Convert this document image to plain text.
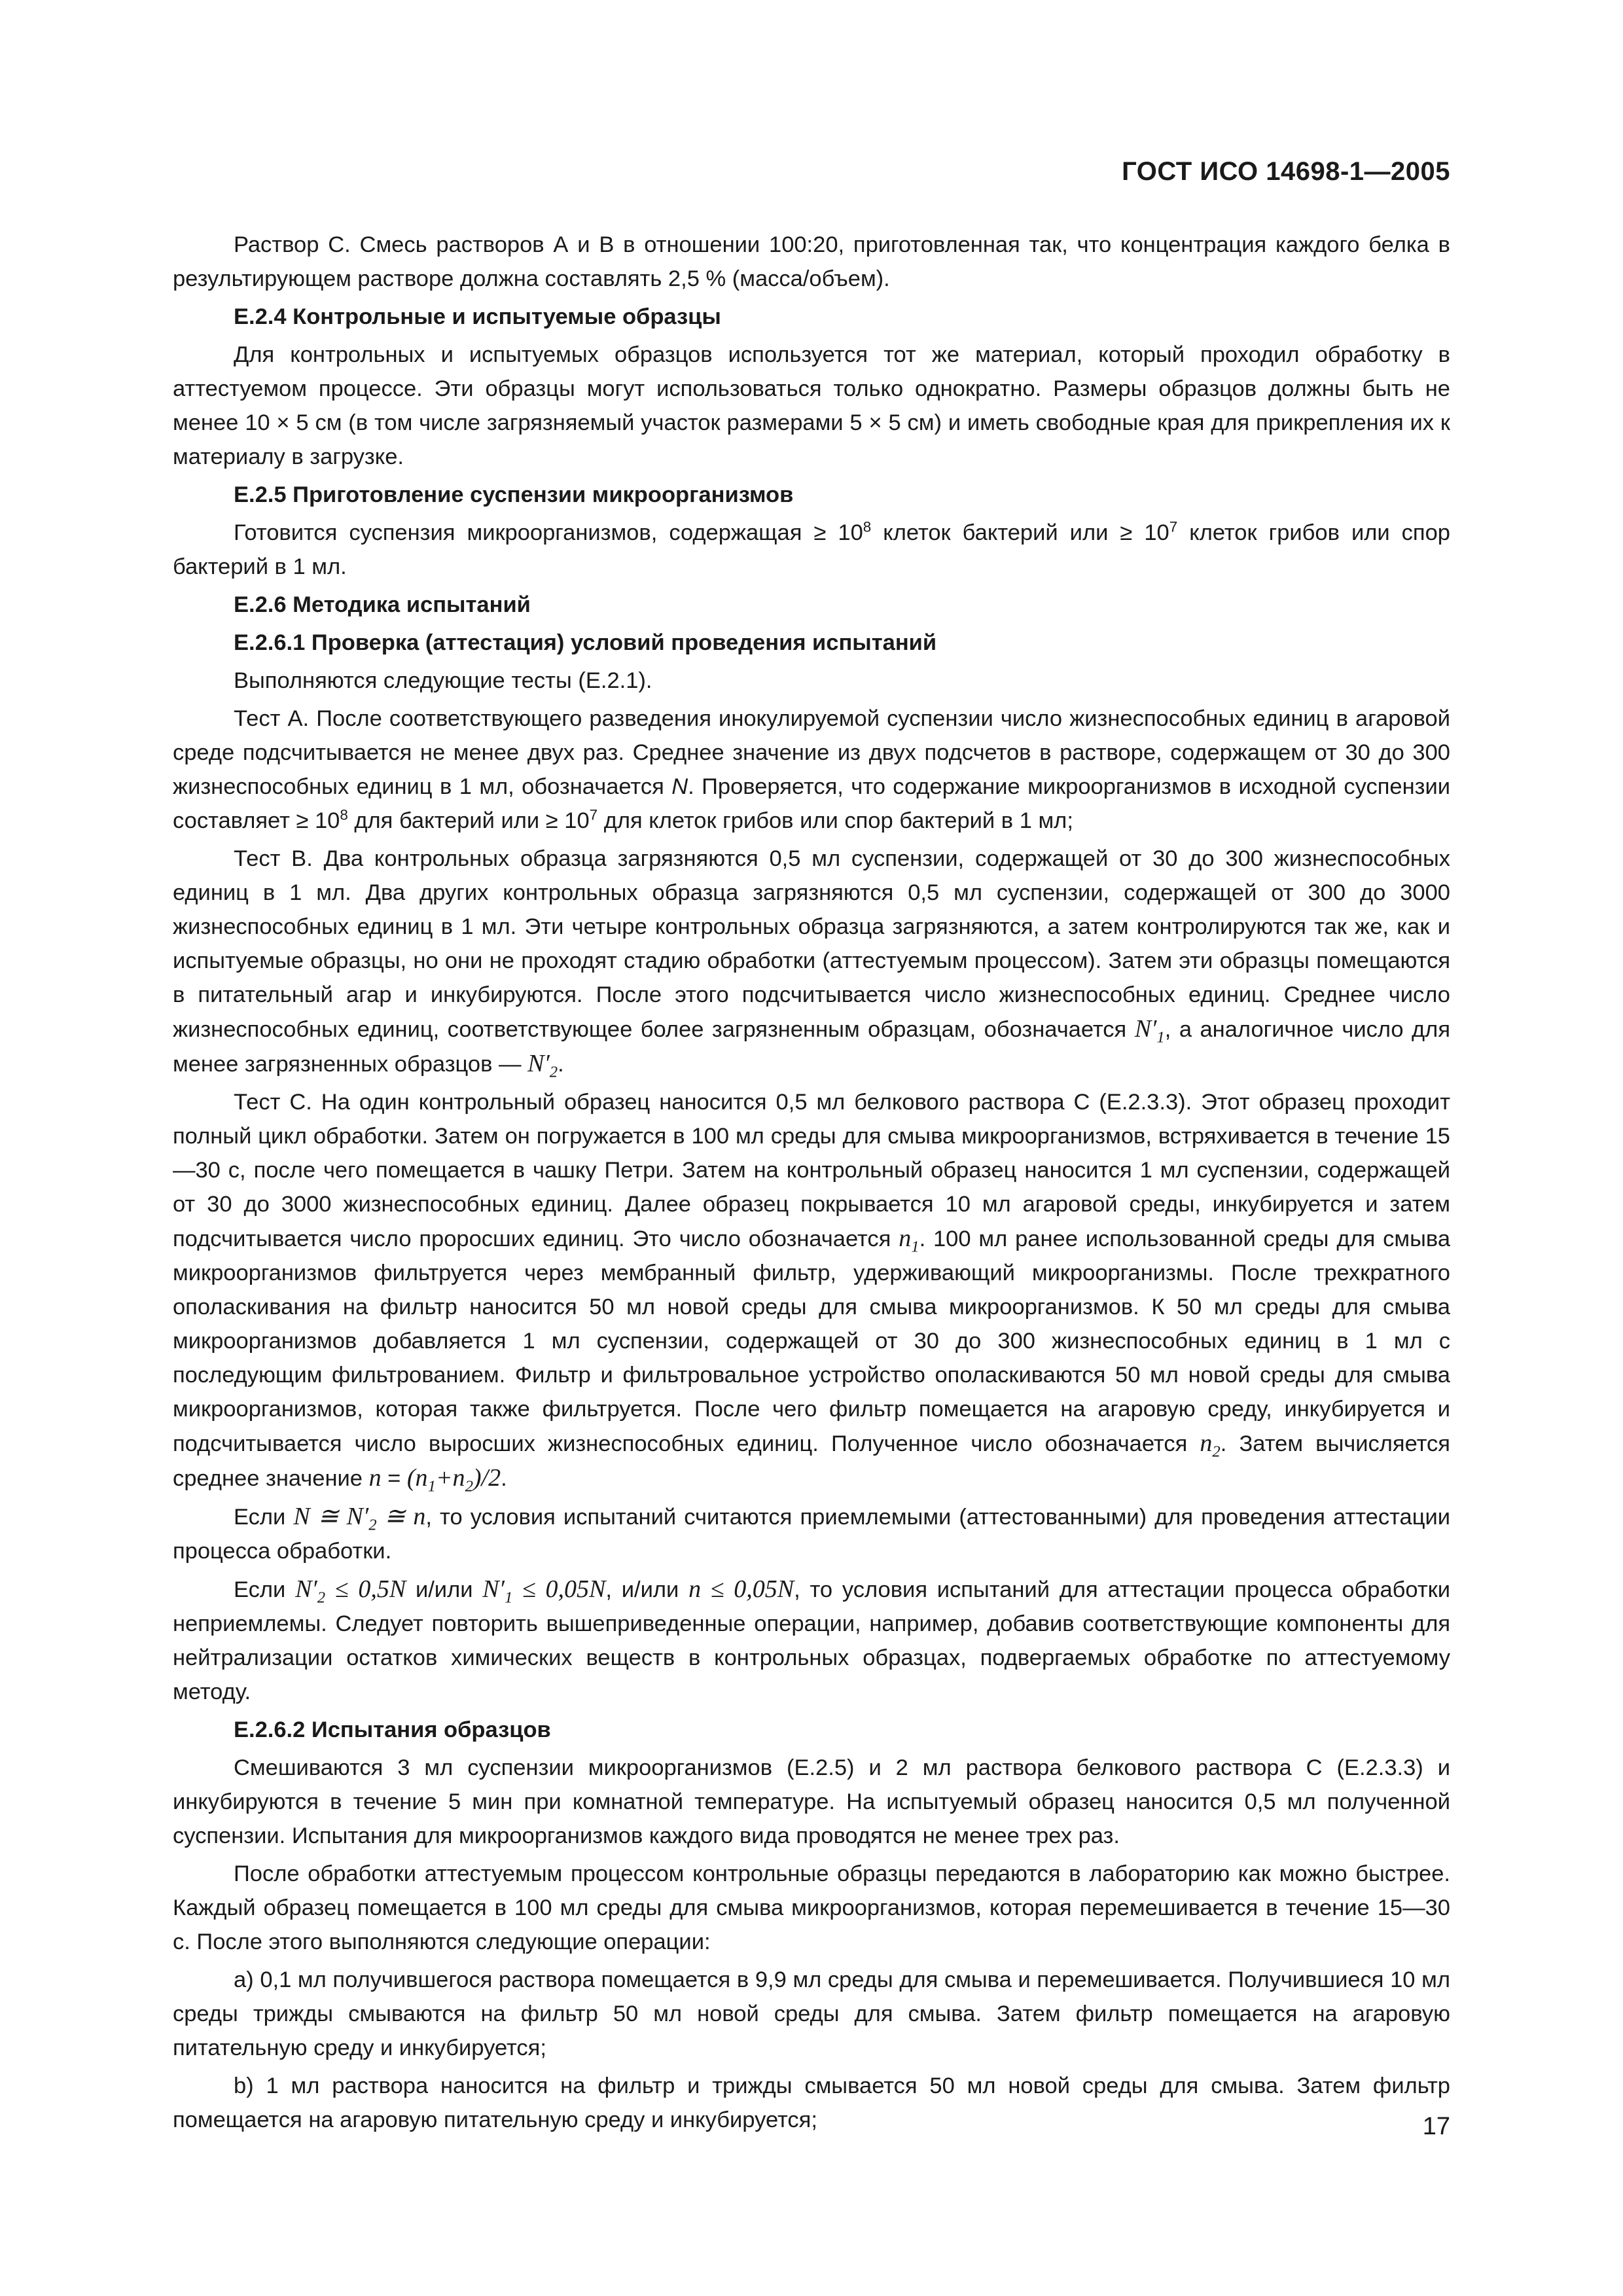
ГОСТ ИСО 14698-1—2005

Раствор С. Смесь растворов А и В в отношении 100:20, приготовленная так, что концентрация каждого белка в результирующем растворе должна составлять 2,5 % (масса/объем).

Е.2.4 Контрольные и испытуемые образцы

Для контрольных и испытуемых образцов используется тот же материал, который проходил обработку в аттестуемом процессе. Эти образцы могут использоваться только однократно. Размеры образцов должны быть не менее 10 × 5 см (в том числе загрязняемый участок размерами 5 × 5 см) и иметь свободные края для прикрепления их к материалу в загрузке.

Е.2.5 Приготовление суспензии микроорганизмов

Готовится суспензия микроорганизмов, содержащая ≥ $10^8$ клеток бактерий или ≥ $10^7$ клеток грибов или спор бактерий в 1 мл.

Е.2.6 Методика испытаний
Е.2.6.1 Проверка (аттестация) условий проведения испытаний

Выполняются следующие тесты (Е.2.1).

Тест А. После соответствующего разведения инокулируемой суспензии число жизнеспособных единиц в агаровой среде подсчитывается не менее двух раз. Среднее значение из двух подсчетов в растворе, содержащем от 30 до 300 жизнеспособных единиц в 1 мл, обозначается N. Проверяется, что содержание микроорганизмов в исходной суспензии составляет ≥ $10^8$ для бактерий или ≥ $10^7$ для клеток грибов или спор бактерий в 1 мл;

Тест В. Два контрольных образца загрязняются 0,5 мл суспензии, содержащей от 30 до 300 жизнеспособных единиц в 1 мл. Два других контрольных образца загрязняются 0,5 мл суспензии, содержащей от 300 до 3000 жизнеспособных единиц в 1 мл. Эти четыре контрольных образца загрязняются, а затем контролируются так же, как и испытуемые образцы, но они не проходят стадию обработки (аттестуемым процессом). Затем эти образцы помещаются в питательный агар и инкубируются. После этого подсчитывается число жизнеспособных единиц. Среднее число жизнеспособных единиц, соответствующее более загрязненным образцам, обозначается $N'_1$, а аналогичное число для менее загрязненных образцов — $N'_2$.

Тест С. На один контрольный образец наносится 0,5 мл белкового раствора С (Е.2.3.3). Этот образец проходит полный цикл обработки. Затем он погружается в 100 мл среды для смыва микроорганизмов, встряхивается в течение 15—30 с, после чего помещается в чашку Петри. Затем на контрольный образец наносится 1 мл суспензии, содержащей от 30 до 3000 жизнеспособных единиц. Далее образец покрывается 10 мл агаровой среды, инкубируется и затем подсчитывается число проросших единиц. Это число обозначается $n_1$. 100 мл ранее использованной среды для смыва микроорганизмов фильтруется через мембранный фильтр, удерживающий микроорганизмы. После трехкратного ополаскивания на фильтр наносится 50 мл новой среды для смыва микроорганизмов. К 50 мл среды для смыва микроорганизмов добавляется 1 мл суспензии, содержащей от 30 до 300 жизнеспособных единиц в 1 мл с последующим фильтрованием. Фильтр и фильтровальное устройство ополаскиваются 50 мл новой среды для смыва микроорганизмов, которая также фильтруется. После чего фильтр помещается на агаровую среду, инкубируется и подсчитывается число выросших жизнеспособных единиц. Полученное число обозначается $n_2$. Затем вычисляется среднее значение $n = (n_1+n_2)/2$.

Если N ≅ $N'_2$ ≅ n, то условия испытаний считаются приемлемыми (аттестованными) для проведения аттестации процесса обработки.

Если $N'_2 \le 0,5N$ и/или $N'_1 \le 0,05N$, и/или n ≤ 0,05N, то условия испытаний для аттестации процесса обработки неприемлемы. Следует повторить вышеприведенные операции, например, добавив соответствующие компоненты для нейтрализации остатков химических веществ в контрольных образцах, подвергаемых обработке по аттестуемому методу.

Е.2.6.2 Испытания образцов

Смешиваются 3 мл суспензии микроорганизмов (Е.2.5) и 2 мл раствора белкового раствора С (Е.2.3.3) и инкубируются в течение 5 мин при комнатной температуре. На испытуемый образец наносится 0,5 мл полученной суспензии. Испытания для микроорганизмов каждого вида проводятся не менее трех раз.

После обработки аттестуемым процессом контрольные образцы передаются в лабораторию как можно быстрее. Каждый образец помещается в 100 мл среды для смыва микроорганизмов, которая перемешивается в течение 15—30 с. После этого выполняются следующие операции:

a) 0,1 мл получившегося раствора помещается в 9,9 мл среды для смыва и перемешивается. Получившиеся 10 мл среды трижды смываются на фильтр 50 мл новой среды для смыва. Затем фильтр помещается на агаровую питательную среду и инкубируется;

b) 1 мл раствора наносится на фильтр и трижды смывается 50 мл новой среды для смыва. Затем фильтр помещается на агаровую питательную среду и инкубируется;	17
